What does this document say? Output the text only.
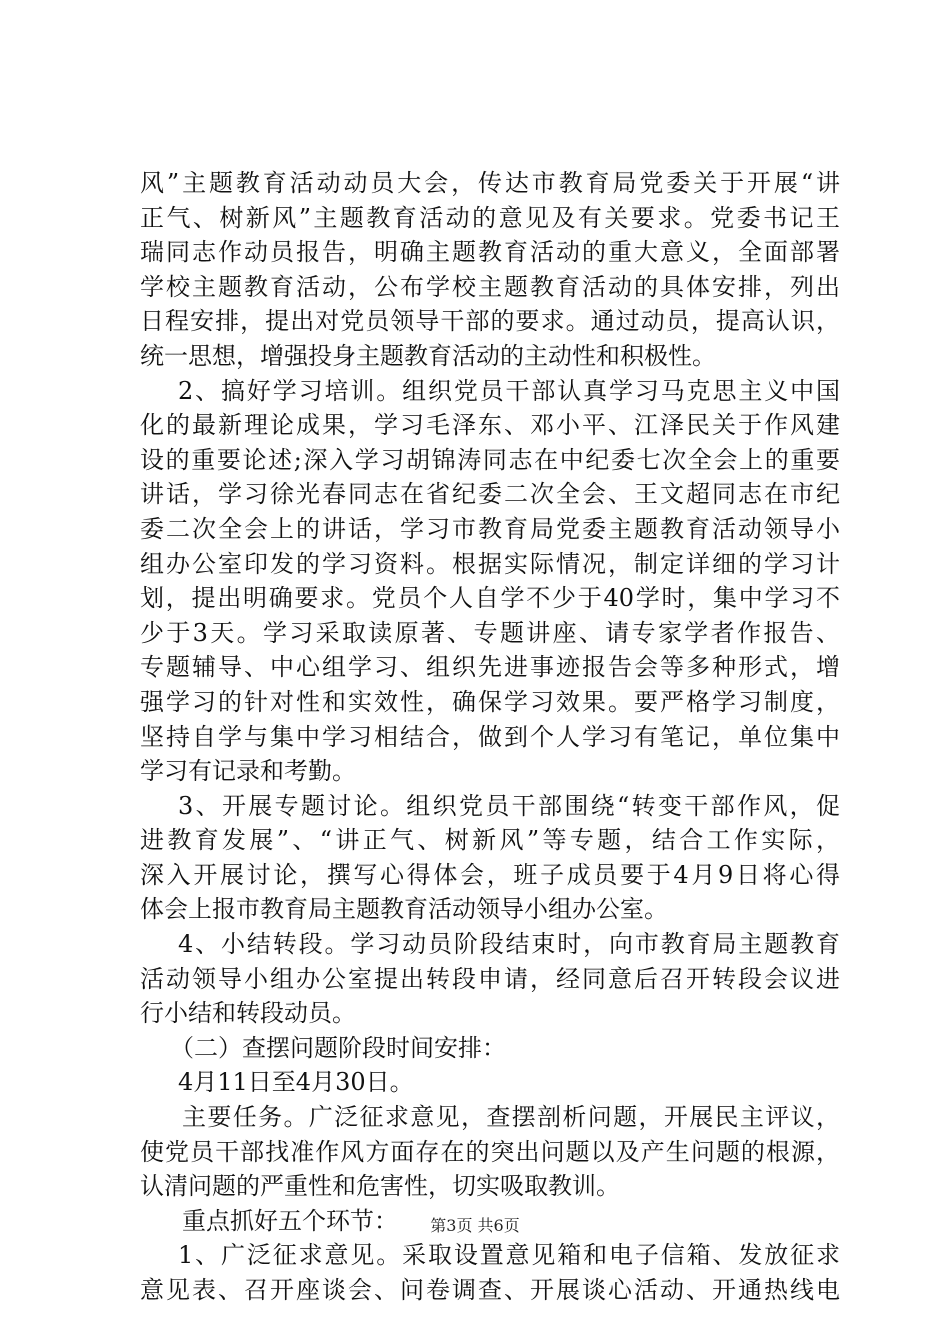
风”主题教育活动动员大会，传达市教育局党委关于开展“讲
正气、树新风”主题教育活动的意见及有关要求。党委书记王
瑞同志作动员报告，明确主题教育活动的重大意义，全面部署
学校主题教育活动，公布学校主题教育活动的具体安排，列出
日程安排，提出对党员领导干部的要求。通过动员，提高认识，
统一思想，增强投身主题教育活动的主动性和积极性。
2、搞好学习培训。组织党员干部认真学习马克思主义中国
化的最新理论成果，学习毛泽东、邓小平、江泽民关于作风建
设的重要论述;深入学习胡锦涛同志在中纪委七次全会上的重要
讲话，学习徐光春同志在省纪委二次全会、王文超同志在市纪
委二次全会上的讲话，学习市教育局党委主题教育活动领导小
组办公室印发的学习资料。根据实际情况，制定详细的学习计
划，提出明确要求。党员个人自学不少于40学时，集中学习不
少于3天。学习采取读原著、专题讲座、请专家学者作报告、
专题辅导、中心组学习、组织先进事迹报告会等多种形式，增
强学习的针对性和实效性，确保学习效果。要严格学习制度，
坚持自学与集中学习相结合，做到个人学习有笔记，单位集中
学习有记录和考勤。
3、开展专题讨论。组织党员干部围绕“转变干部作风，促
进教育发展”、“讲正气、树新风”等专题，结合工作实际，
深入开展讨论，撰写心得体会，班子成员要于4月9日将心得
体会上报市教育局主题教育活动领导小组办公室。
4、小结转段。学习动员阶段结束时，向市教育局主题教育
活动领导小组办公室提出转段申请，经同意后召开转段会议进
行小结和转段动员。
（二）查摆问题阶段时间安排：
4月11日至4月30日。
主要任务。广泛征求意见，查摆剖析问题，开展民主评议，
使党员干部找准作风方面存在的突出问题以及产生问题的根源，
认清问题的严重性和危害性，切实吸取教训。
重点抓好五个环节：
1、广泛征求意见。采取设置意见箱和电子信箱、发放征求
意见表、召开座谈会、问卷调查、开展谈心活动、开通热线电
第3页 共6页
